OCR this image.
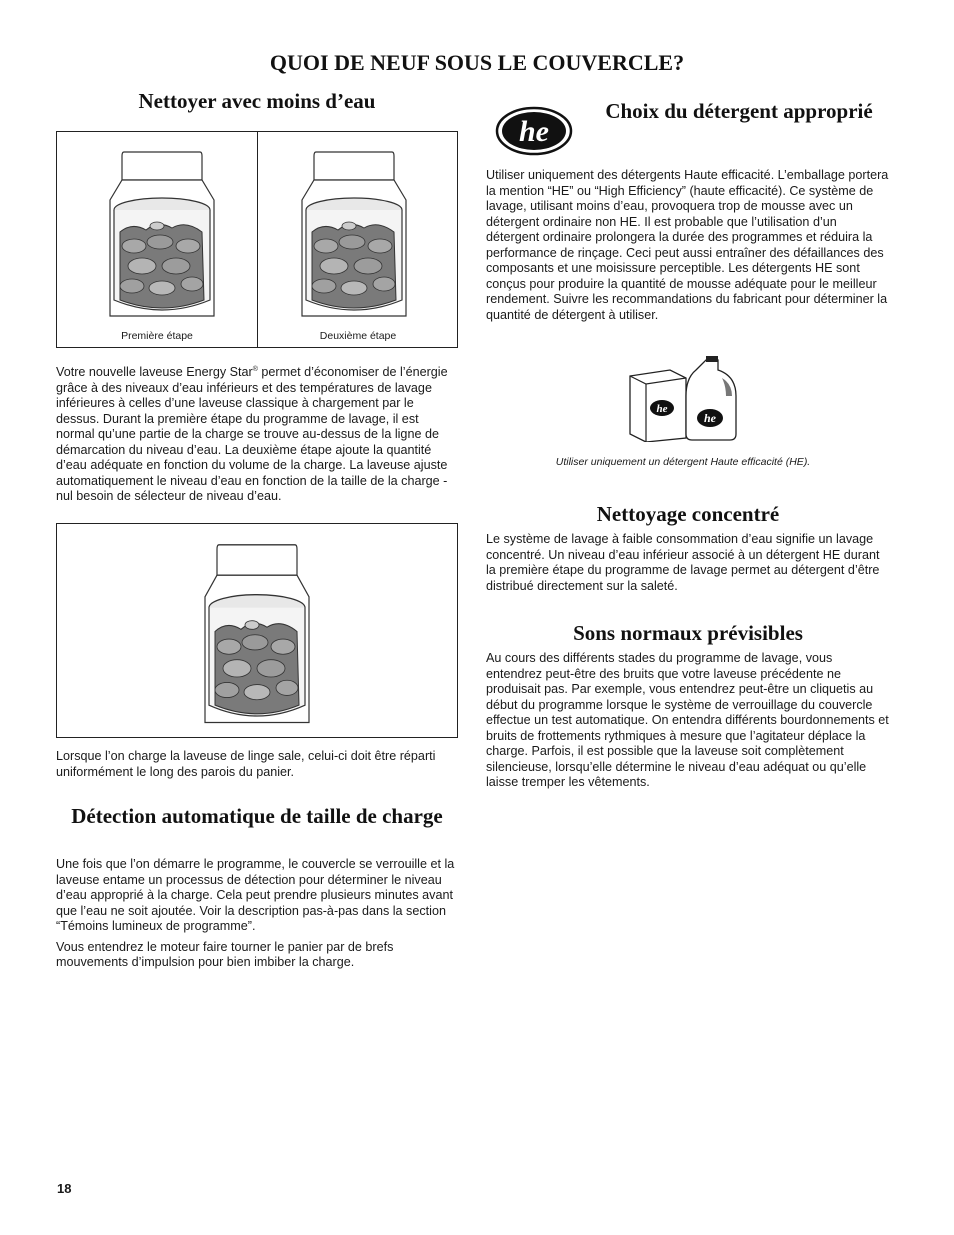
QUOI DE NEUF SOUS LE COUVERCLE?
Nettoyer avec moins d’eau
Première étape	Deuxième étape

Votre nouvelle laveuse Energy Star® permet d’économiser de l’énergie grâce à des niveaux d’eau inférieurs et des températures de lavage inférieures à celles d’une laveuse classique à chargement par le dessus. Durant la première étape du programme de lavage, il est normal qu’une partie de la charge se trouve au-dessus de la ligne de démarcation du niveau d’eau. La deuxième étape ajoute la quantité d’eau adéquate en fonction du volume de la charge. La laveuse ajuste automatiquement le niveau d’eau en fonction de la taille de la charge - nul besoin de sélecteur de niveau d’eau.

Lorsque l’on charge la laveuse de linge sale, celui-ci doit être réparti uniformément le long des parois du panier.

Détection automatique de taille de charge

Une fois que l’on démarre le programme, le couvercle se verrouille et la laveuse entame un processus de détection pour déterminer le niveau d’eau approprié à la charge. Cela peut prendre plusieurs minutes avant que l’eau ne soit ajoutée. Voir la description pas-à-pas dans la section “Témoins lumineux de programme”.

Vous entendrez le moteur faire tourner le panier par de brefs mouvements d’impulsion pour bien imbiber la charge.

18
he
Choix du détergent approprié

Utiliser uniquement des détergents Haute efficacité. L’emballage portera la mention “HE” ou “High Efficiency” (haute efficacité). Ce système de lavage, utilisant moins d’eau, provoquera trop de mousse avec un détergent ordinaire non HE. Il est probable que l’utilisation d’un détergent ordinaire prolongera la durée des programmes et réduira la performance de rinçage. Ceci peut aussi entraîner des défaillances des composants et une moisissure perceptible. Les détergents HE sont conçus pour produire la quantité de mousse adéquate pour le meilleur rendement. Suivre les recommandations du fabricant pour déterminer la quantité de détergent à utiliser.

he
he
Utiliser uniquement un détergent Haute efficacité (HE).
Nettoyage concentré

Le système de lavage à faible consommation d’eau signifie un lavage concentré. Un niveau d’eau inférieur associé à un détergent HE durant la première étape du programme de lavage permet au détergent d’être distribué directement sur la saleté.

Sons normaux prévisibles

Au cours des différents stades du programme de lavage, vous entendrez peut-être des bruits que votre laveuse précédente ne produisait pas. Par exemple, vous entendrez peut-être un cliquetis au début du programme lorsque le système de verrouillage du couvercle effectue un test automatique. On entendra différents bourdonnements et bruits de frottements rythmiques à mesure que l’agitateur déplace la charge. Parfois, il est possible que la laveuse soit complètement silencieuse, lorsqu’elle détermine le niveau d’eau adéquat ou qu’elle laisse tremper les vêtements.
